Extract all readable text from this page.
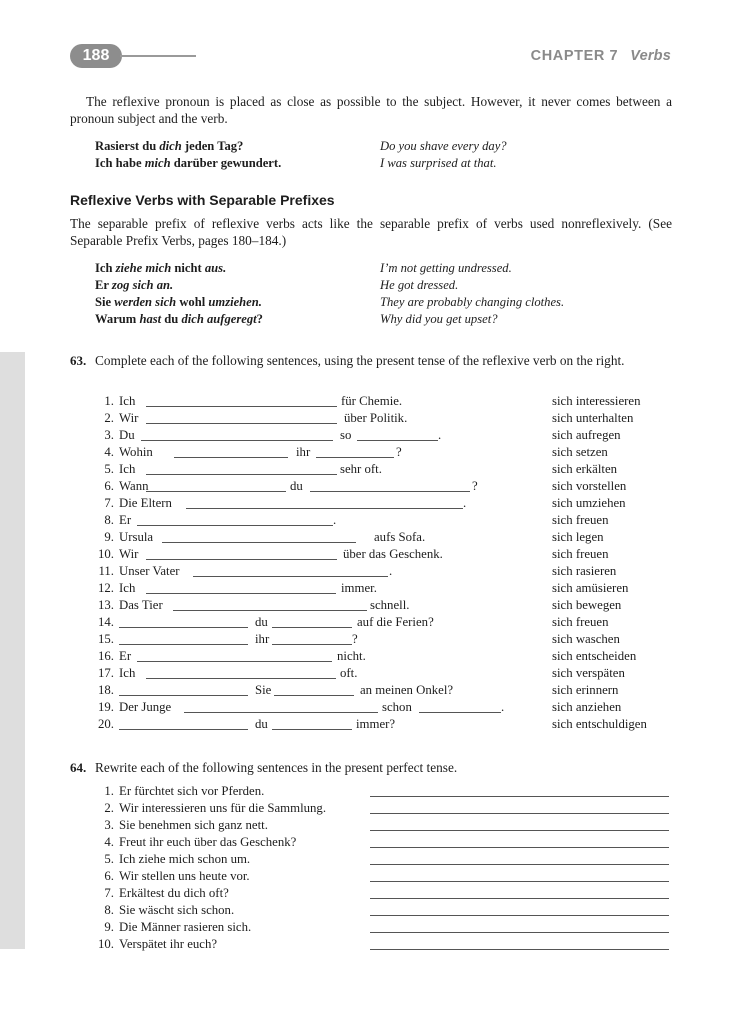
188	CHAPTER 7 Verbs
The reflexive pronoun is placed as close as possible to the subject. However, it never comes between a pronoun subject and the verb.
Rasierst du dich jeden Tag?	Do you shave every day?
Ich habe mich darüber gewundert.	I was surprised at that.
Reflexive Verbs with Separable Prefixes
The separable prefix of reflexive verbs acts like the separable prefix of verbs used nonreflexively. (See Separable Prefix Verbs, pages 180–184.)
Ich ziehe mich nicht aus.	I’m not getting undressed.
Er zog sich an.	He got dressed.
Sie werden sich wohl umziehen.	They are probably changing clothes.
Warum hast du dich aufgeregt?	Why did you get upset?
63. Complete each of the following sentences, using the present tense of the reflexive verb on the right.
1. Ich	für Chemie.	sich interessieren
2. Wir	über Politik.	sich unterhalten
3. Du	so	.	sich aufregen
4. Wohin	ihr	?	sich setzen
5. Ich	sehr oft.	sich erkälten
6. Wann	du	?	sich vorstellen
7. Die Eltern	.	sich umziehen
8. Er	.	sich freuen
9. Ursula	aufs Sofa.	sich legen
10. Wir	über das Geschenk.	sich freuen
11. Unser Vater	.	sich rasieren
12. Ich	immer.	sich amüsieren
13. Das Tier	schnell.	sich bewegen
14.	du	auf die Ferien?	sich freuen
15.	ihr	?	sich waschen
16. Er	nicht.	sich entscheiden
17. Ich	oft.	sich verspäten
18.	Sie	an meinen Onkel?	sich erinnern
19. Der Junge	schon	.	sich anziehen
20.	du	immer?	sich entschuldigen
64. Rewrite each of the following sentences in the present perfect tense.
1. Er fürchtet sich vor Pferden.
2. Wir interessieren uns für die Sammlung.
3. Sie benehmen sich ganz nett.
4. Freut ihr euch über das Geschenk?
5. Ich ziehe mich schon um.
6. Wir stellen uns heute vor.
7. Erkältest du dich oft?
8. Sie wäscht sich schon.
9. Die Männer rasieren sich.
10. Verspätet ihr euch?
